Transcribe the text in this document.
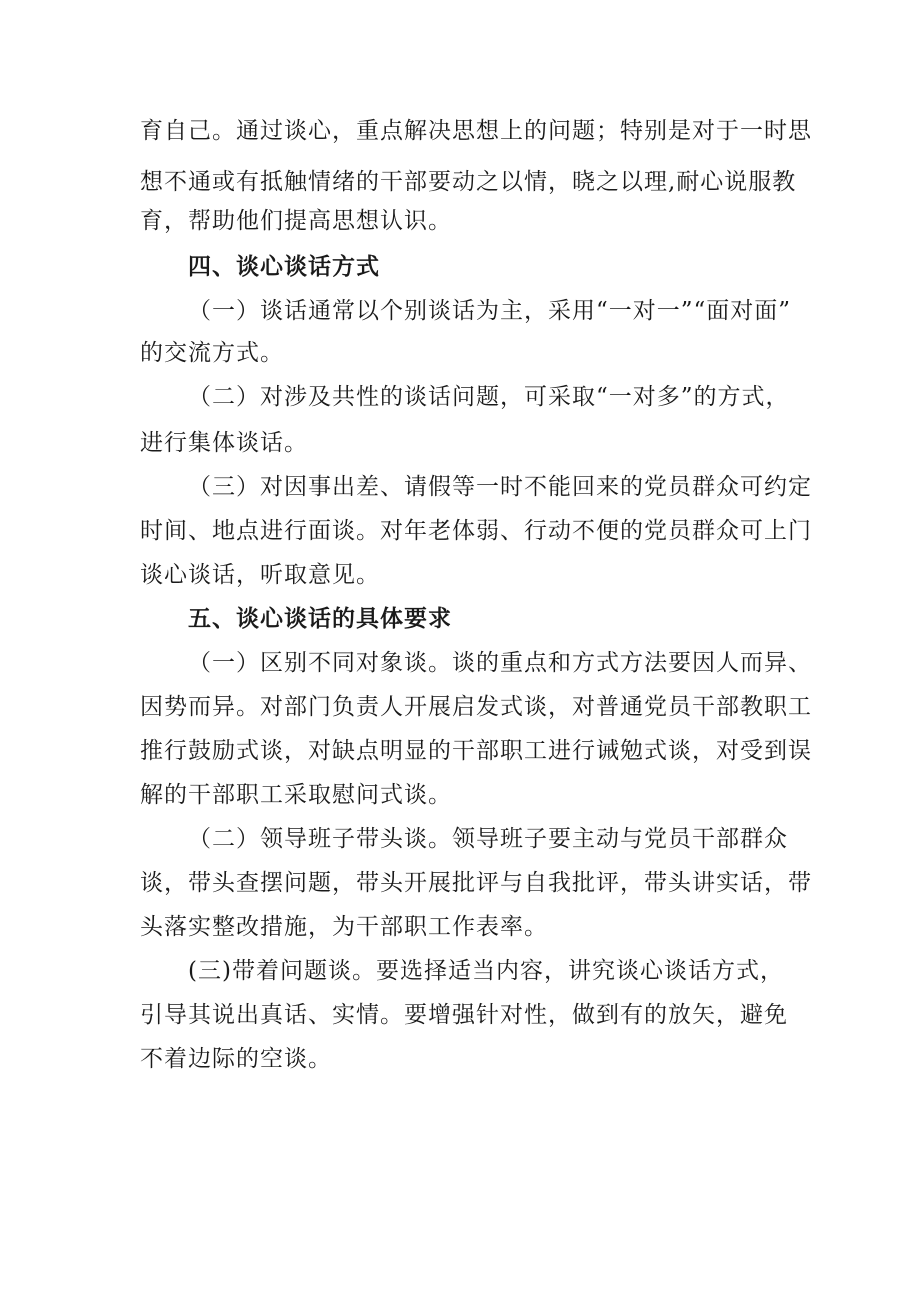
育自己。通过谈心，重点解决思想上的问题；特别是对于一时思
想不通或有抵触情绪的干部要动之以情，晓之以理,耐心说服教
育，帮助他们提高思想认识。
四、谈心谈话方式
（一）谈话通常以个别谈话为主，采用“一对一”“面对面”
的交流方式。
（二）对涉及共性的谈话问题，可采取“一对多”的方式，
进行集体谈话。
（三）对因事出差、请假等一时不能回来的党员群众可约定
时间、地点进行面谈。对年老体弱、行动不便的党员群众可上门
谈心谈话，听取意见。
五、谈心谈话的具体要求
（一）区别不同对象谈。谈的重点和方式方法要因人而异、
因势而异。对部门负责人开展启发式谈，对普通党员干部教职工
推行鼓励式谈，对缺点明显的干部职工进行诫勉式谈，对受到误
解的干部职工采取慰问式谈。
（二）领导班子带头谈。领导班子要主动与党员干部群众
谈，带头查摆问题，带头开展批评与自我批评，带头讲实话，带
头落实整改措施，为干部职工作表率。
(三)带着问题谈。要选择适当内容，讲究谈心谈话方式，
引导其说出真话、实情。要增强针对性，做到有的放矢，避免
不着边际的空谈。
